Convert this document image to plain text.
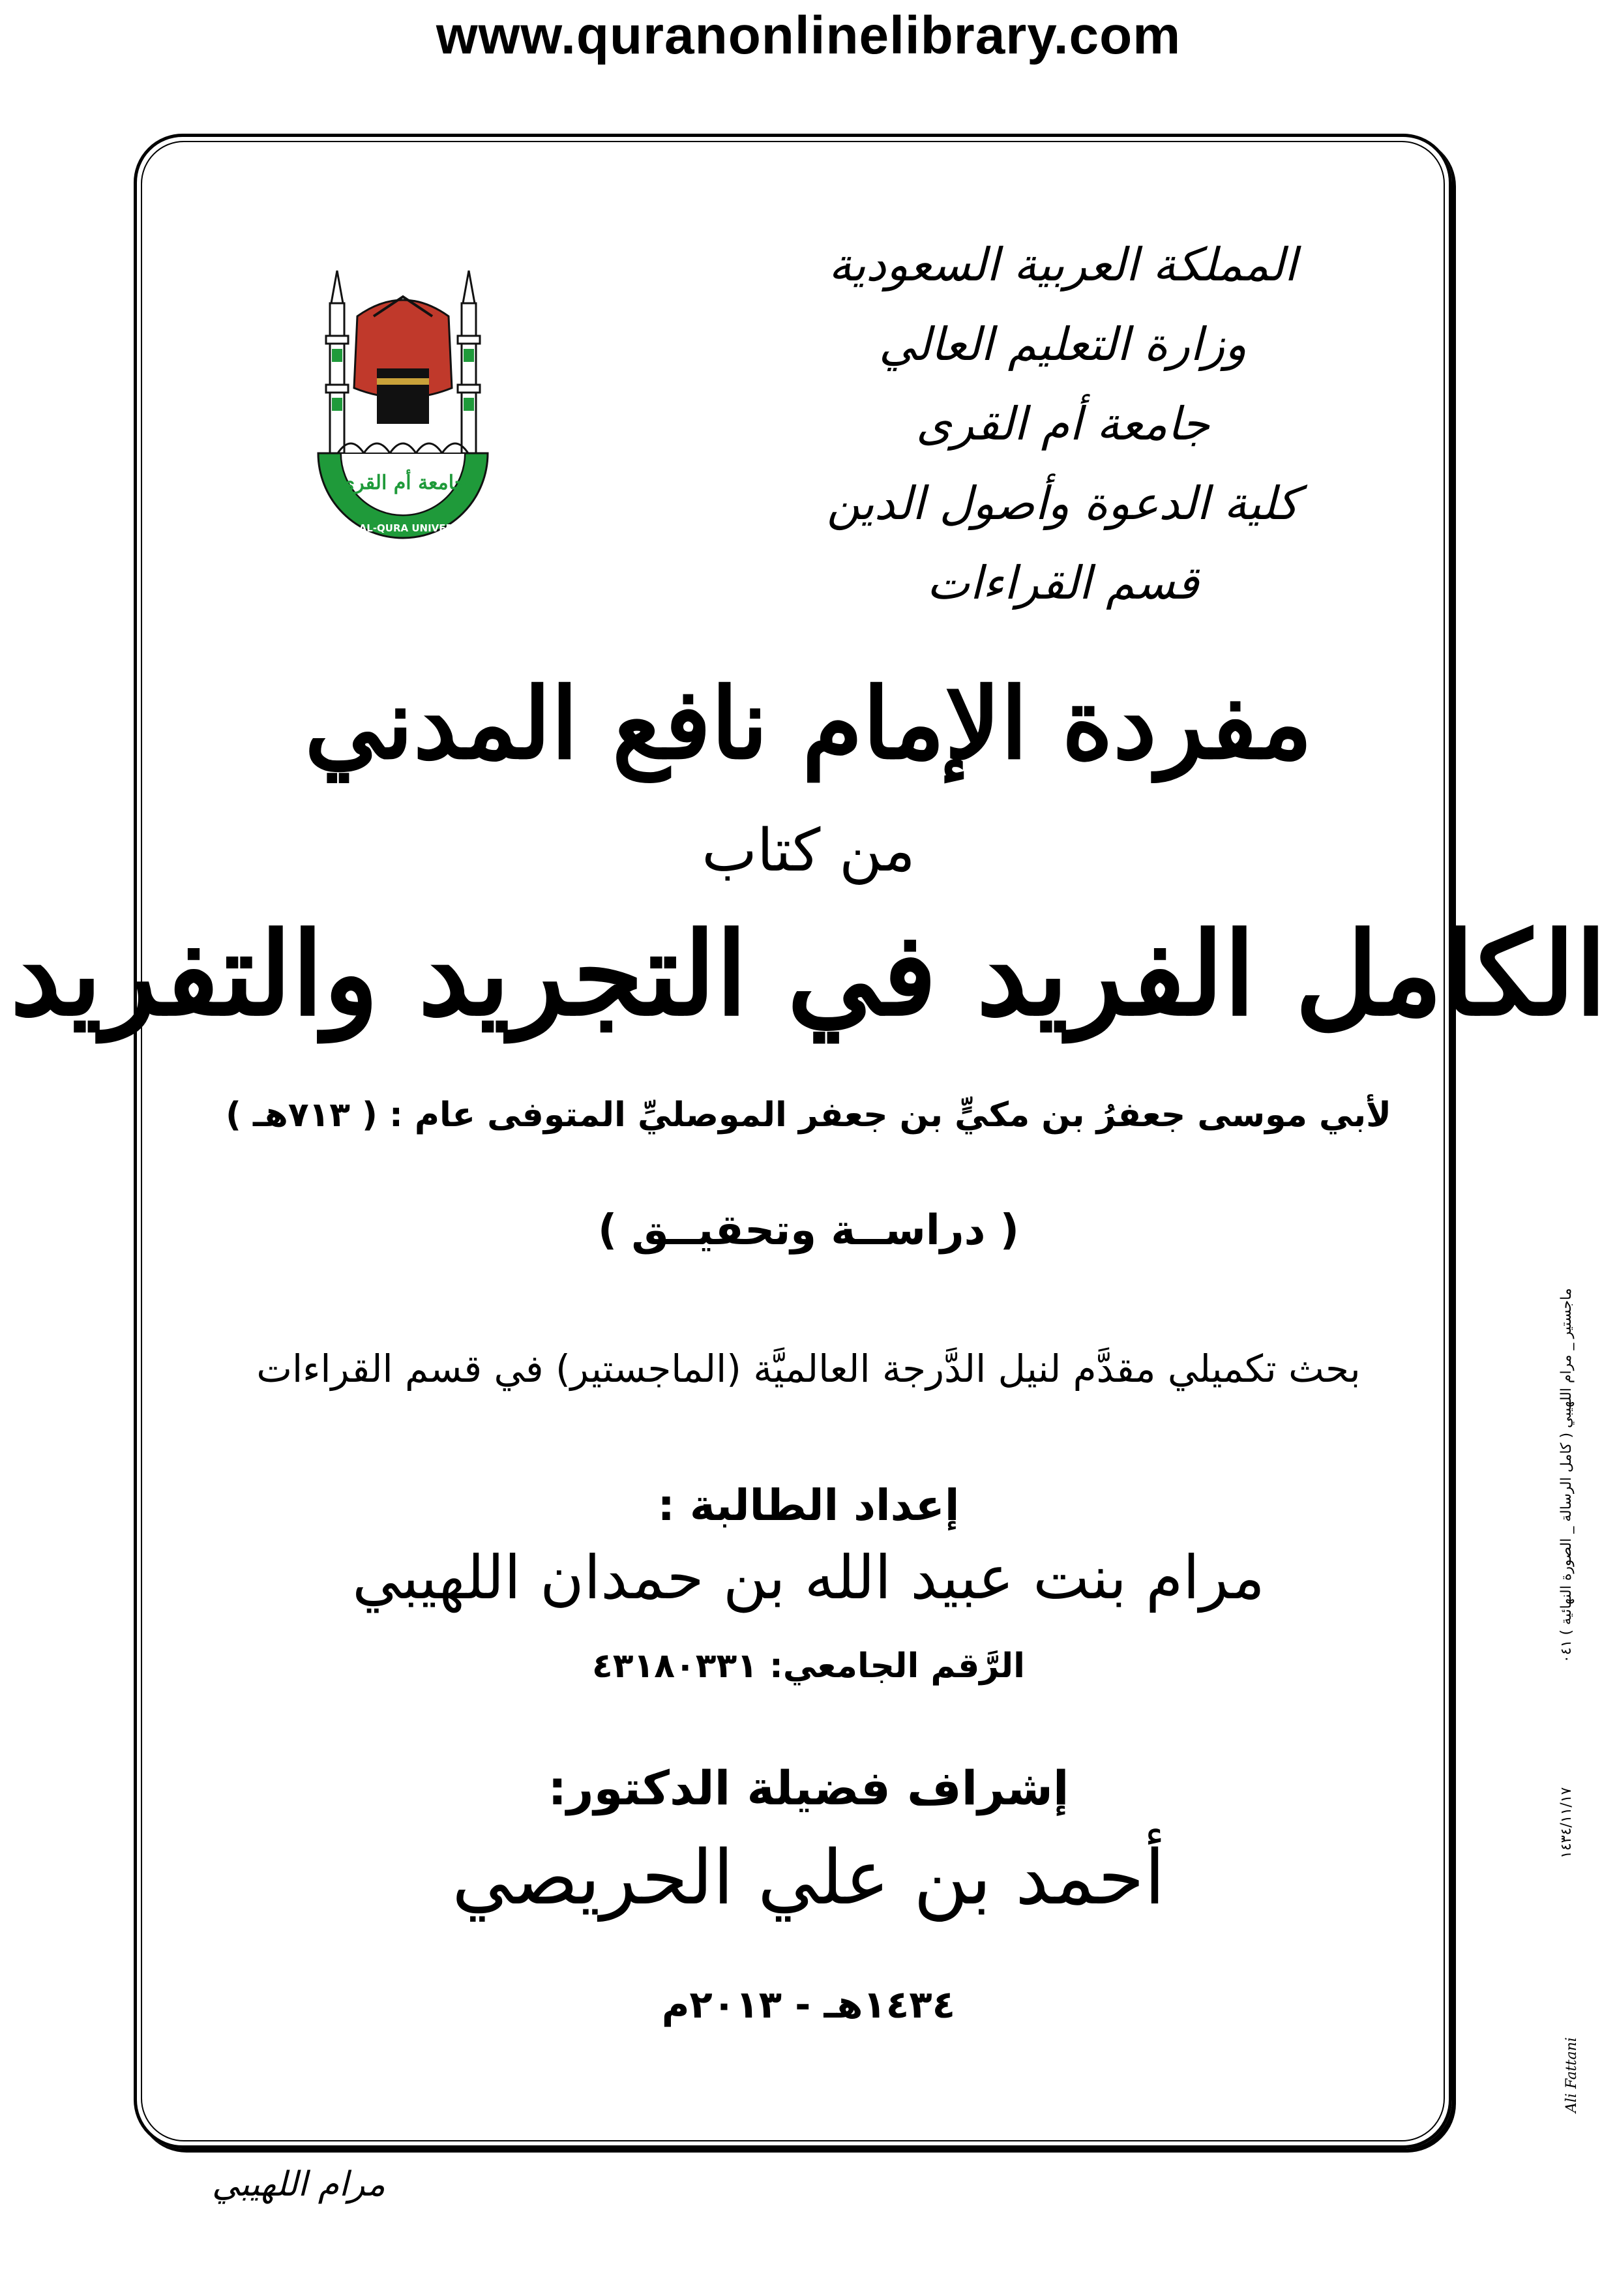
www.quranonlinelibrary.com
المملكة العربية السعودية
وزارة التعليم العالي
جامعة أم القرى
كلية الدعوة وأصول الدين
قسم القراءات
جامعة أم القرى
UMM AL-QURA UNIVERSITY
مفردة الإمام نافع المدني
من كتاب
الكامل الفريد في التجريد والتفريد
لأبي موسى جعفرُ بن مكيٍّ بن جعفر الموصليِّ المتوفى عام : ( ٧١٣هـ )
( دراســة وتحقيــق )
بحث تكميلي مقدَّم لنيل الدَّرجة العالميَّة (الماجستير) في قسم القراءات
إعداد الطالبة :
مرام بنت عبيد الله بن حمدان اللهيبي
الرَّقم الجامعي: ٤٣١٨٠٣٣١
إشراف فضيلة الدكتور:
أحمد بن علي الحريصي
١٤٣٤هـ - ٢٠١٣م
مرام اللهيبي
ماجستير _ مرام اللهيبي ( كامل الرسالة _ الصورة النهائية ) ٠٤١
١٤٣٤/١١/١٧
Ali Fattani
